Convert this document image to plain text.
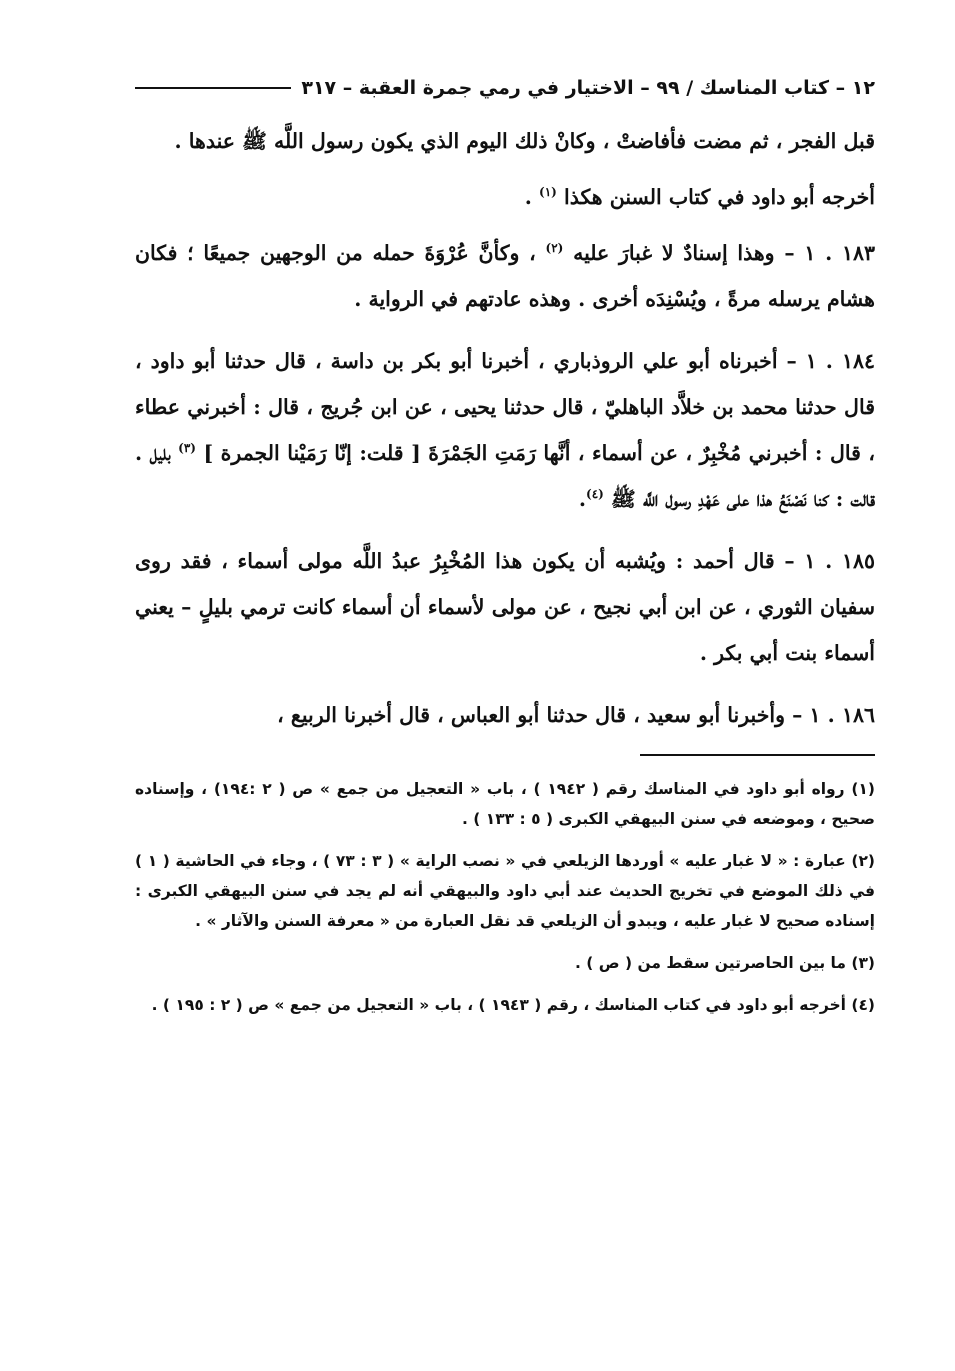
١٢ – كتاب المناسك / ٩٩ – الاختيار في رمي جمرة العقبة – ٣١٧

قبل الفجر ، ثم مضت فأفاضتْ ، وكانْ ذلك اليوم الذي يكون رسول اللَّه ﷺ عندها .

أخرجه أبو داود في كتاب السنن هكذا $^{(١)}$ .

١٨٣ . ١ – وهذا إسنادٌ لا غبارَ عليه $^{(٢)}$ ، وكأنَّ عُرْوَةَ حمله من الوجهين جميعًا ؛ فكان هشام يرسله مرةً ، ويُسْنِدَه أخرى . وهذه عادتهم في الرواية .

١٨٤ . ١ – أخبرناه أبو علي الروذباري ، أخبرنا أبو بكر بن داسة ، قال حدثنا أبو داود ، قال حدثنا محمد بن خلاَّد الباهليّ ، قال حدثنا يحيى ، عن ابن جُريج ، قال : أخبرني عطاء ، قال : أخبرني مُخْبِرٌ ، عن أسماء ، أنَّها رَمَتِ الجَمْرَةَ [ قلت: إنّا رَمَيْنا الجمرة ] $^{(٣)}$ بليل . قالت : كنا نَصْنَعُ هذا على عَهْدِ رسول اللَّه ﷺ $^{(٤)}$.

١٨٥ . ١ – قال أحمد : ويُشبه أن يكون هذا المُخْبِرُ عبدُ اللَّه مولى أسماء ، فقد روى سفيان الثوري ، عن ابن أبي نجيح ، عن مولى لأسماء أن أسماء كانت ترمي بليلٍ – يعني أسماء بنت أبي بكر .

١٨٦ . ١ – وأخبرنا أبو سعيد ، قال حدثنا أبو العباس ، قال أخبرنا الربيع ،

(١) رواه أبو داود في المناسك رقم ( ١٩٤٢ ) ، باب « التعجيل من جمع » ص ( ٢ :١٩٤) ، وإسناده صحيح ، وموضعه في سنن البيهقي الكبرى ( ٥ : ١٣٣ ) .

(٢) عبارة : « لا غبار عليه » أوردها الزيلعي في « نصب الراية » ( ٣ : ٧٣ ) ، وجاء في الحاشية ( ١ ) في ذلك الموضع في تخريج الحديث عند أبي داود والبيهقي أنه لم يجد في سنن البيهقي الكبرى : إسناده صحيح لا غبار عليه ، ويبدو أن الزيلعي قد نقل العبارة من « معرفة السنن والآثار » .

(٣) ما بين الحاصرتين سقط من ( ص ) .

(٤) أخرجه أبو داود في كتاب المناسك ، رقم ( ١٩٤٣ ) ، باب « التعجيل من جمع » ص ( ٢ : ١٩٥ ) .
